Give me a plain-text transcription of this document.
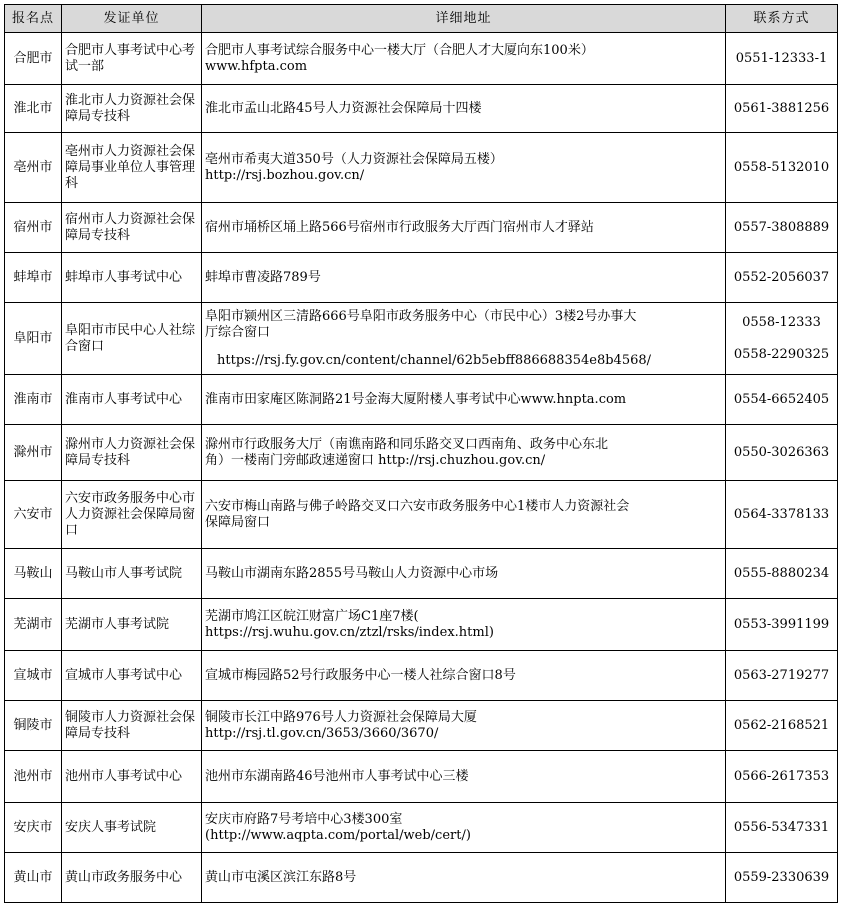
报名点	发证单位	详细地址	联系方式
合肥市	合肥市人事考试中心考试一部	合肥市人事考试综合服务中心一楼大厅（合肥人才大厦向东100米）
www.hfpta.com	0551-12333-1

淮北市	淮北市人力资源社会保障局专技科	淮北市孟山北路45号人力资源社会保障局十四楼	0561-3881256

亳州市	亳州市人力资源社会保障局事业单位人事管理科	亳州市希夷大道350号（人力资源社会保障局五楼）
http://rsj.bozhou.gov.cn/	0558-5132010

宿州市	宿州市人力资源社会保障局专技科	宿州市埇桥区埇上路566号宿州市行政服务大厅西门宿州市人才驿站	0557-3808889

蚌埠市	蚌埠市人事考试中心	蚌埠市曹凌路789号	0552-2056037

阜阳市	阜阳市市民中心人社综合窗口	阜阳市颍州区三清路666号阜阳市政务服务中心（市民中心）3楼2号办事大
厅综合窗口
https://rsj.fy.gov.cn/content/channel/62b5ebff886688354e8b4568/	0558-12333
0558-2290325

淮南市	淮南市人事考试中心	淮南市田家庵区陈洞路21号金海大厦附楼人事考试中心www.hnpta.com	0554-6652405

滁州市	滁州市人力资源社会保障局专技科	滁州市行政服务大厅（南谯南路和同乐路交叉口西南角、政务中心东北
角）一楼南门旁邮政速递窗口 http://rsj.chuzhou.gov.cn/	0550-3026363

六安市	六安市政务服务中心市人力资源社会保障局窗口	六安市梅山南路与佛子岭路交叉口六安市政务服务中心1楼市人力资源社会
保障局窗口	0564-3378133

马鞍山	马鞍山市人事考试院	马鞍山市湖南东路2855号马鞍山人力资源中心市场	0555-8880234

芜湖市	芜湖市人事考试院	芜湖市鸠江区皖江财富广场C1座7楼(
https://rsj.wuhu.gov.cn/ztzl/rsks/index.html)	0553-3991199

宣城市	宣城市人事考试中心	宣城市梅园路52号行政服务中心一楼人社综合窗口8号	0563-2719277

铜陵市	铜陵市人力资源社会保障局专技科	铜陵市长江中路976号人力资源社会保障局大厦
http://rsj.tl.gov.cn/3653/3660/3670/	0562-2168521

池州市	池州市人事考试中心	池州市东湖南路46号池州市人事考试中心三楼	0566-2617353

安庆市	安庆人事考试院	安庆市府路7号考培中心3楼300室
(http://www.aqpta.com/portal/web/cert/)	0556-5347331

黄山市	黄山市政务服务中心	黄山市屯溪区滨江东路8号	0559-2330639
